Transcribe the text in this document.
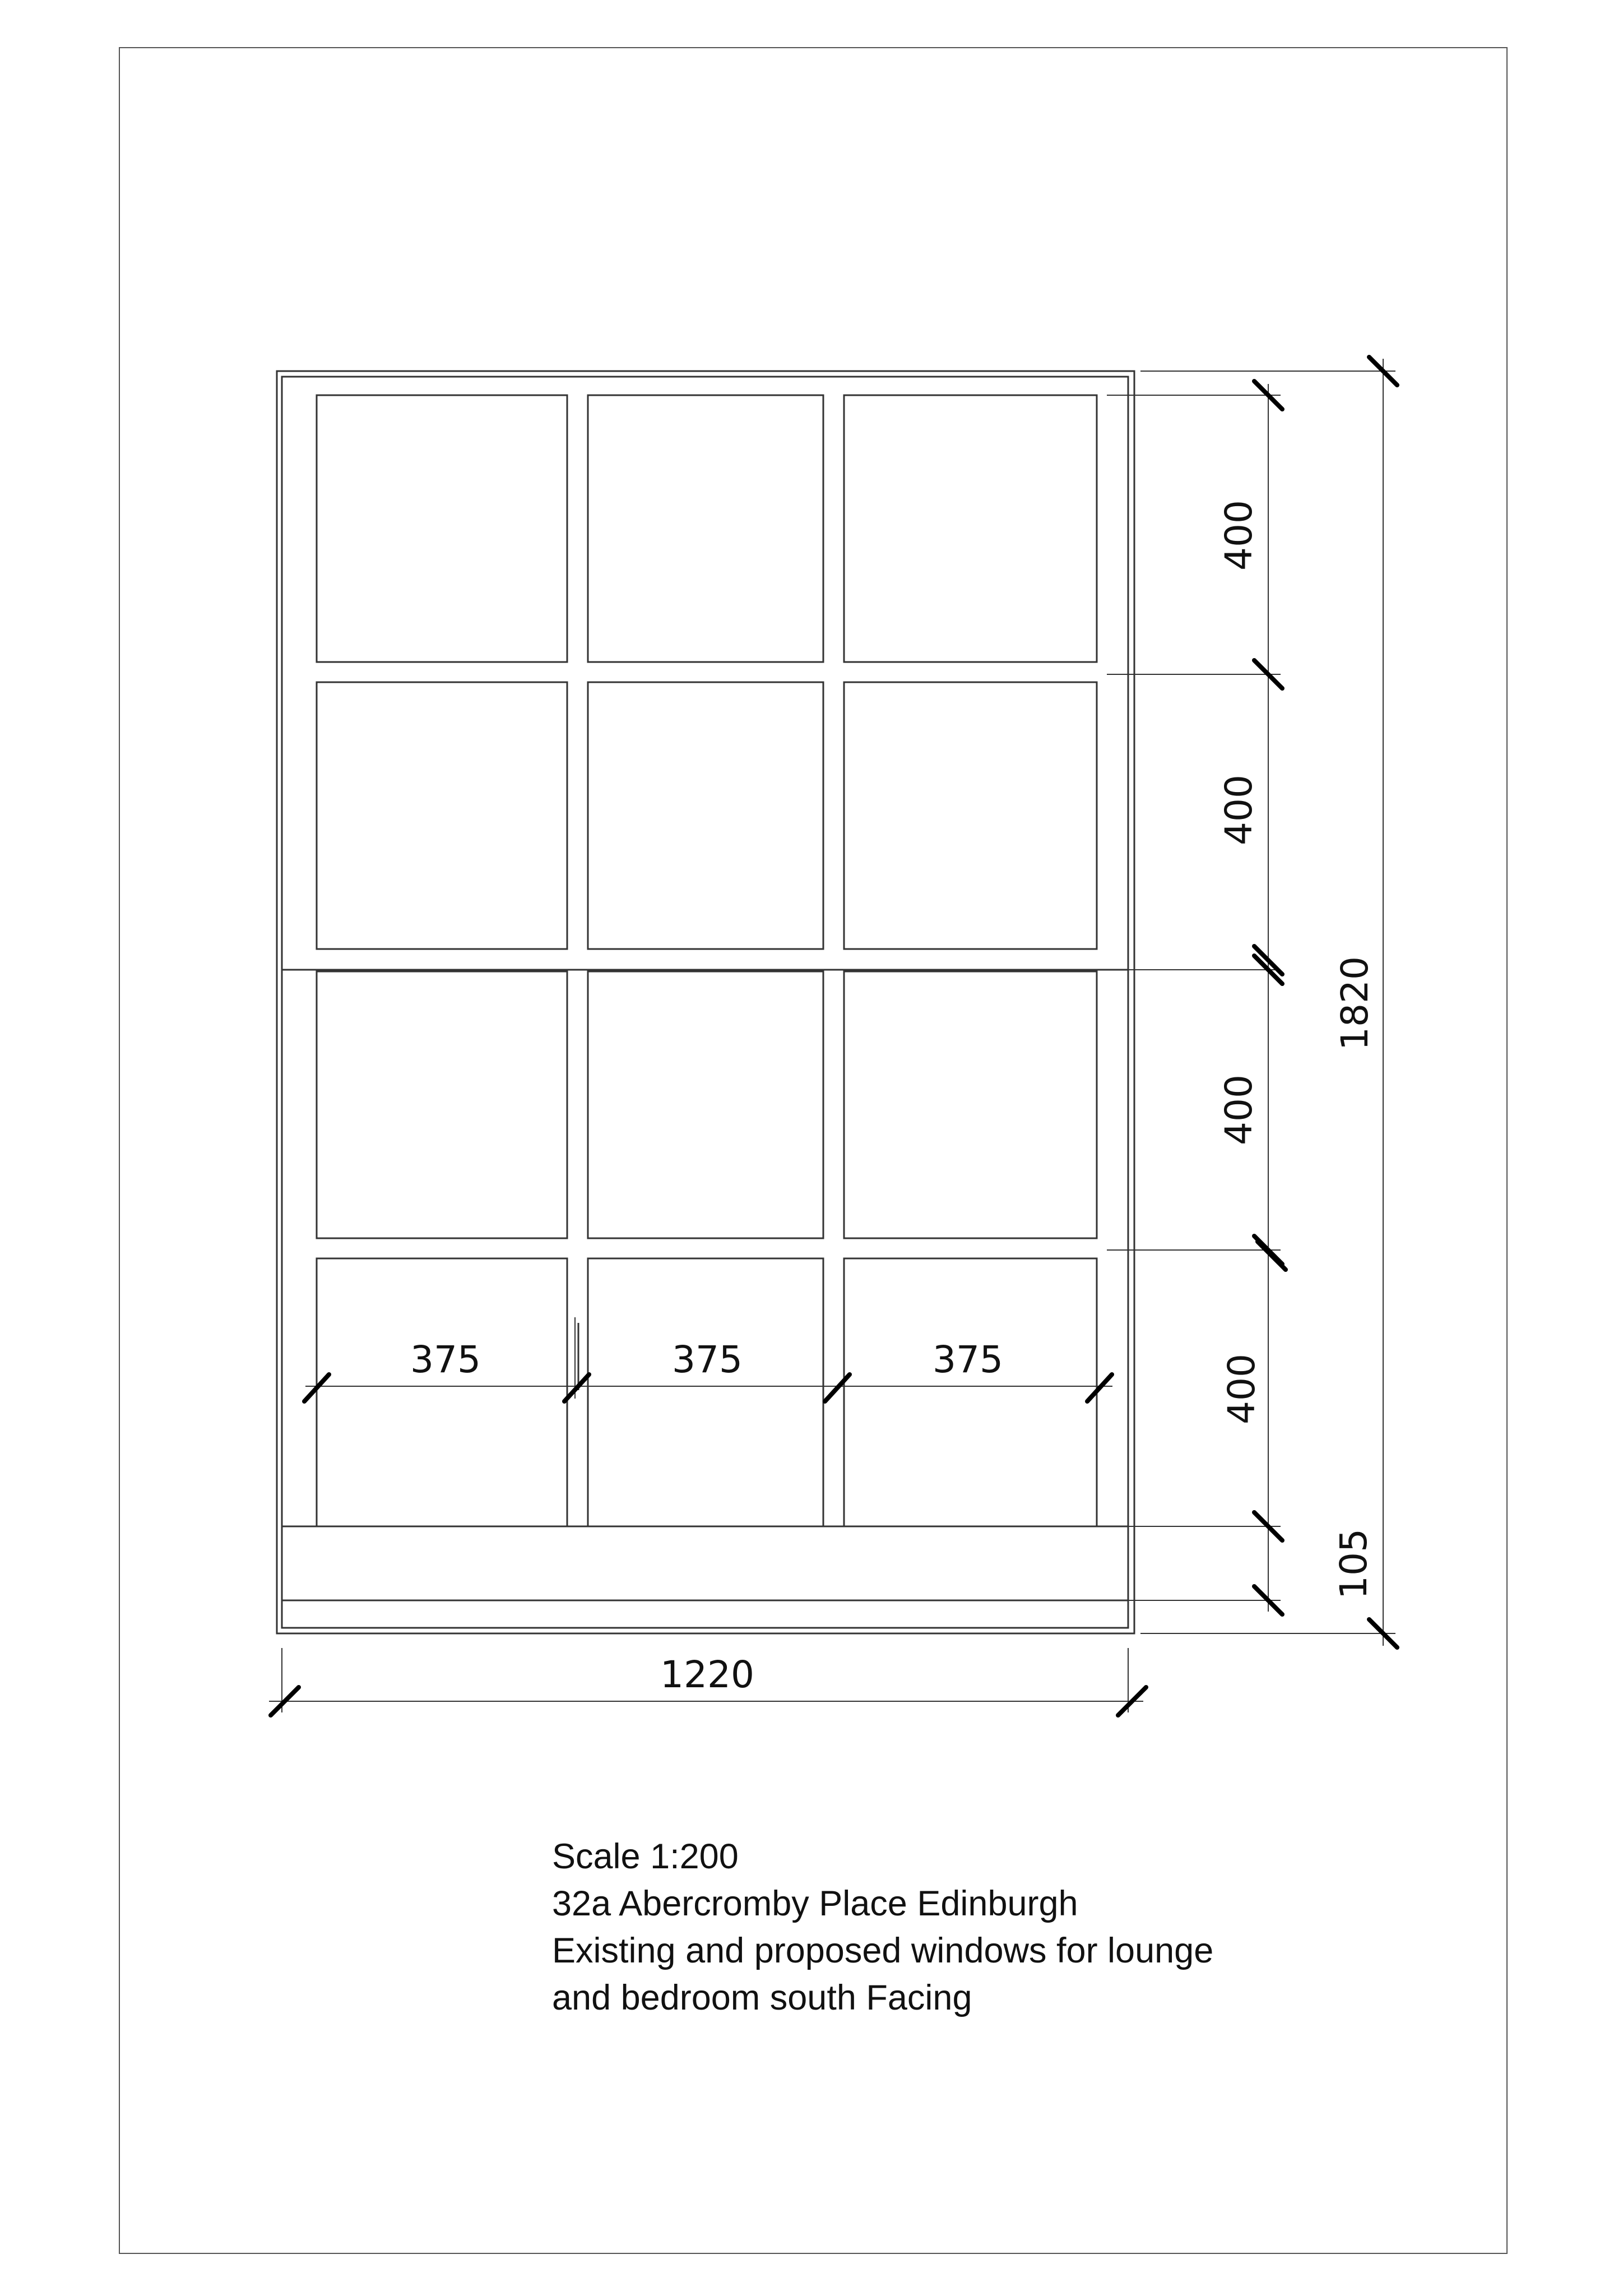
375	375	375
1220
400
400
400
400
105
1820
Scale 1:200
32a Abercromby Place Edinburgh
Existing and proposed windows for lounge
and bedroom south Facing
